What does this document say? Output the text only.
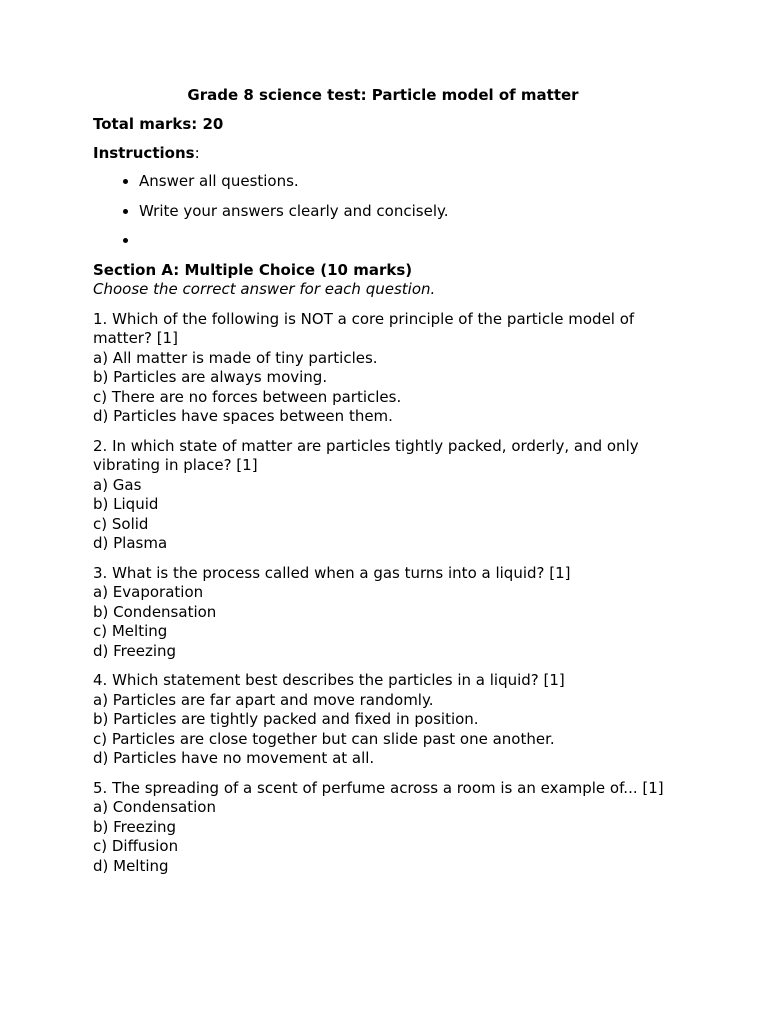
Grade 8 science test: Particle model of matter

Total marks: 20

Instructions:

• Answer all questions.
• Write your answers clearly and concisely.
•

Section A: Multiple Choice (10 marks)

Choose the correct answer for each question.

1. Which of the following is NOT a core principle of the particle model of matter? [1]
a) All matter is made of tiny particles.
b) Particles are always moving.
c) There are no forces between particles.
d) Particles have spaces between them.
2. In which state of matter are particles tightly packed, orderly, and only vibrating in place? [1]
a) Gas
b) Liquid
c) Solid
d) Plasma
3. What is the process called when a gas turns into a liquid? [1]
a) Evaporation
b) Condensation
c) Melting
d) Freezing
4. Which statement best describes the particles in a liquid? [1]
a) Particles are far apart and move randomly.
b) Particles are tightly packed and fixed in position.
c) Particles are close together but can slide past one another.
d) Particles have no movement at all.
5. The spreading of a scent of perfume across a room is an example of... [1]
a) Condensation
b) Freezing
c) Diffusion
d) Melting
